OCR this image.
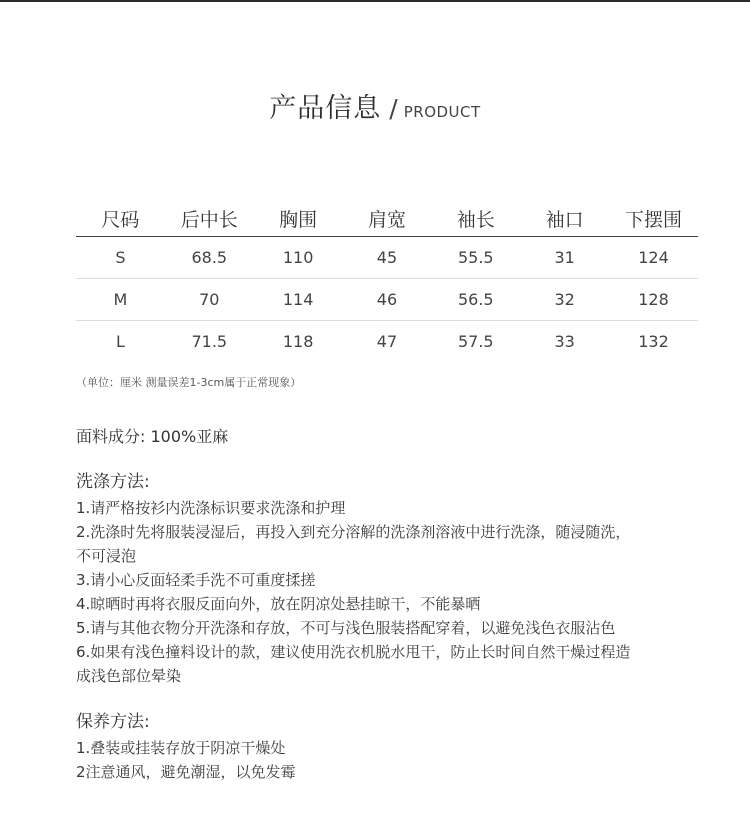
产品信息 / PRODUCT
尺码	后中长	胸围	肩宽	袖长	袖口	下摆围
S	68.5	110	45	55.5	31	124
M	70	114	46	56.5	32	128
L	71.5	118	47	57.5	33	132
（单位：厘米 测量误差1-3cm属于正常现象）
面料成分: 100%亚麻
洗涤方法:
1.请严格按衫内洗涤标识要求洗涤和护理
2.洗涤时先将服装浸湿后，再投入到充分溶解的洗涤剂溶液中进行洗涤，随浸随洗，
不可浸泡
3.请小心反面轻柔手洗不可重度揉搓
4.晾晒时再将衣服反面向外，放在阴凉处悬挂晾干，不能暴晒
5.请与其他衣物分开洗涤和存放，不可与浅色服装搭配穿着，以避免浅色衣服沾色
6.如果有浅色撞料设计的款，建议使用洗衣机脱水甩干，防止长时间自然干燥过程造
成浅色部位晕染
保养方法:
1.叠装或挂装存放于阴凉干燥处
2注意通风，避免潮湿，以免发霉
